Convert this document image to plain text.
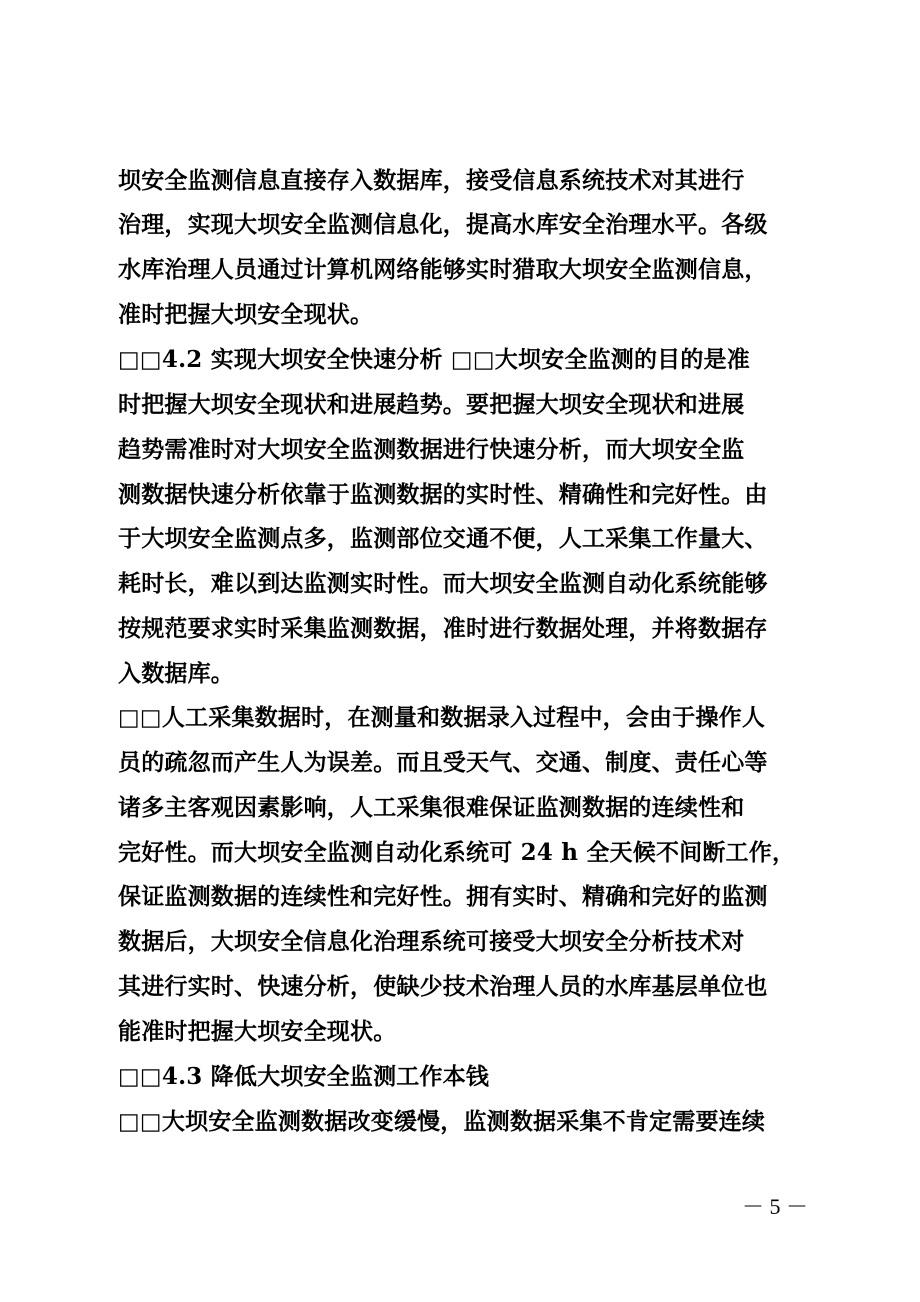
坝安全监测信息直接存入数据库，接受信息系统技术对其进行
治理，实现大坝安全监测信息化，提高水库安全治理水平。各级
水库治理人员通过计算机网络能够实时猎取大坝安全监测信息，
准时把握大坝安全现状。
□□4.2 实现大坝安全快速分析 □□大坝安全监测的目的是准
时把握大坝安全现状和进展趋势。要把握大坝安全现状和进展
趋势需准时对大坝安全监测数据进行快速分析，而大坝安全监
测数据快速分析依靠于监测数据的实时性、精确性和完好性。由
于大坝安全监测点多，监测部位交通不便，人工采集工作量大、
耗时长，难以到达监测实时性。而大坝安全监测自动化系统能够
按规范要求实时采集监测数据，准时进行数据处理，并将数据存
入数据库。
□□人工采集数据时，在测量和数据录入过程中，会由于操作人
员的疏忽而产生人为误差。而且受天气、交通、制度、责任心等
诸多主客观因素影响，人工采集很难保证监测数据的连续性和
完好性。而大坝安全监测自动化系统可 24 h 全天候不间断工作，
保证监测数据的连续性和完好性。拥有实时、精确和完好的监测
数据后，大坝安全信息化治理系统可接受大坝安全分析技术对
其进行实时、快速分析，使缺少技术治理人员的水库基层单位也
能准时把握大坝安全现状。
□□4.3 降低大坝安全监测工作本钱
□□大坝安全监测数据改变缓慢，监测数据采集不肯定需要连续
－ 5 －
